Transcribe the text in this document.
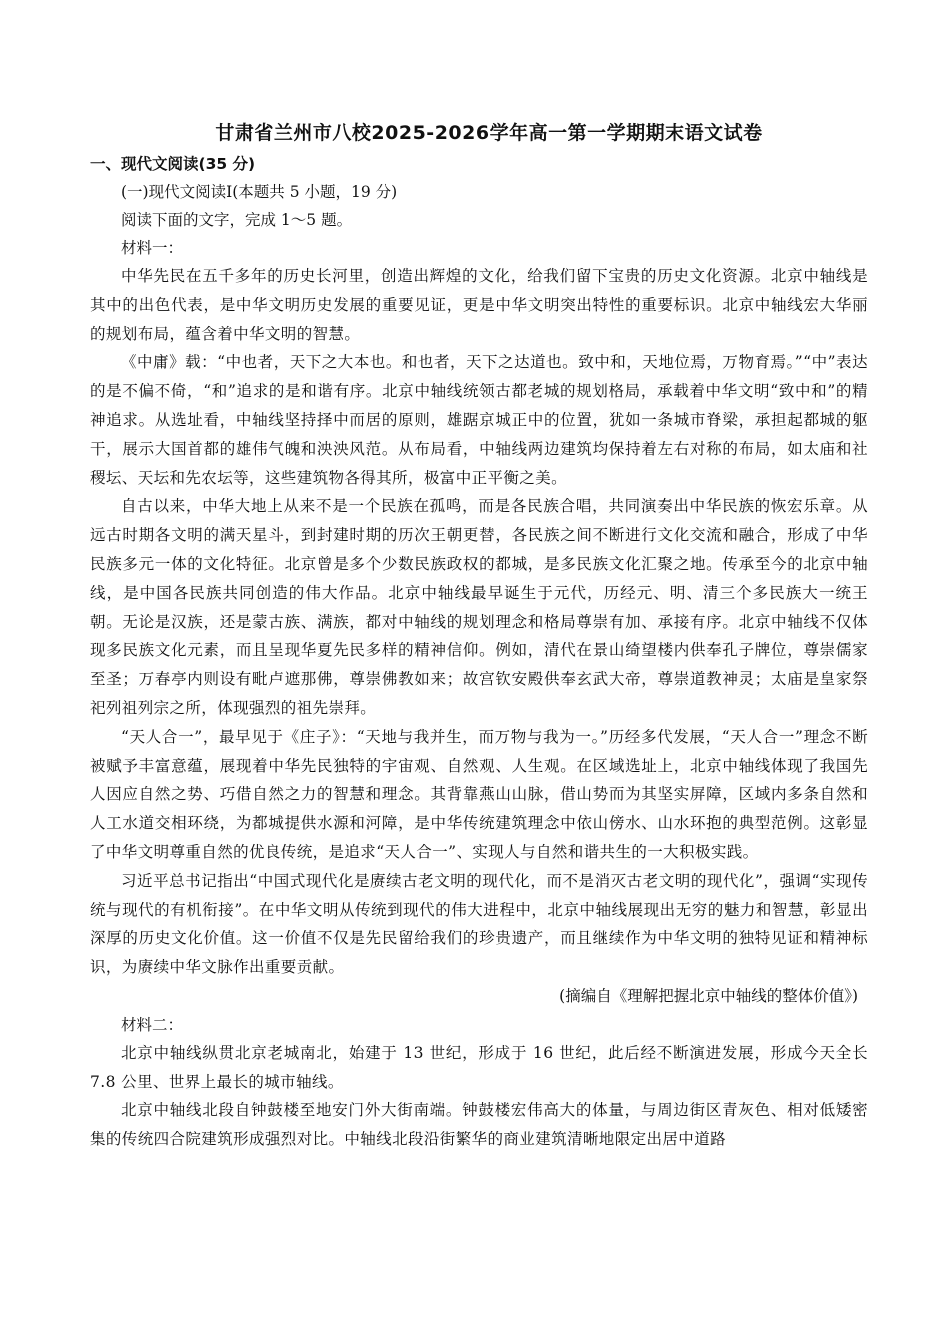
甘肃省兰州市八校2025-2026学年高一第一学期期末语文试卷

一、现代文阅读(35 分)

(一)现代文阅读Ⅰ(本题共 5 小题，19 分)

阅读下面的文字，完成 1～5 题。

材料一：

中华先民在五千多年的历史长河里，创造出辉煌的文化，给我们留下宝贵的历史文化资源。北京中轴线是其中的出色代表，是中华文明历史发展的重要见证，更是中华文明突出特性的重要标识。北京中轴线宏大华丽的规划布局，蕴含着中华文明的智慧。

《中庸》载：“中也者，天下之大本也。和也者，天下之达道也。致中和，天地位焉，万物育焉。”“中”表达的是不偏不倚，“和”追求的是和谐有序。北京中轴线统领古都老城的规划格局，承载着中华文明“致中和”的精神追求。从选址看，中轴线坚持择中而居的原则，雄踞京城正中的位置，犹如一条城市脊梁，承担起都城的躯干，展示大国首都的雄伟气魄和泱泱风范。从布局看，中轴线两边建筑均保持着左右对称的布局，如太庙和社稷坛、天坛和先农坛等，这些建筑物各得其所，极富中正平衡之美。

自古以来，中华大地上从来不是一个民族在孤鸣，而是各民族合唱，共同演奏出中华民族的恢宏乐章。从远古时期各文明的满天星斗，到封建时期的历次王朝更替，各民族之间不断进行文化交流和融合，形成了中华民族多元一体的文化特征。北京曾是多个少数民族政权的都城，是多民族文化汇聚之地。传承至今的北京中轴线，是中国各民族共同创造的伟大作品。北京中轴线最早诞生于元代，历经元、明、清三个多民族大一统王朝。无论是汉族，还是蒙古族、满族，都对中轴线的规划理念和格局尊崇有加、承接有序。北京中轴线不仅体现多民族文化元素，而且呈现华夏先民多样的精神信仰。例如，清代在景山绮望楼内供奉孔子牌位，尊崇儒家至圣；万春亭内则设有毗卢遮那佛，尊崇佛教如来；故宫钦安殿供奉玄武大帝，尊崇道教神灵；太庙是皇家祭祀列祖列宗之所，体现强烈的祖先崇拜。

“天人合一”，最早见于《庄子》：“天地与我并生，而万物与我为一。”历经多代发展，“天人合一”理念不断被赋予丰富意蕴，展现着中华先民独特的宇宙观、自然观、人生观。在区域选址上，北京中轴线体现了我国先人因应自然之势、巧借自然之力的智慧和理念。其背靠燕山山脉，借山势而为其坚实屏障，区域内多条自然和人工水道交相环绕，为都城提供水源和河障，是中华传统建筑理念中依山傍水、山水环抱的典型范例。这彰显了中华文明尊重自然的优良传统，是追求“天人合一”、实现人与自然和谐共生的一大积极实践。

习近平总书记指出“中国式现代化是赓续古老文明的现代化，而不是消灭古老文明的现代化”，强调“实现传统与现代的有机衔接”。在中华文明从传统到现代的伟大进程中，北京中轴线展现出无穷的魅力和智慧，彰显出深厚的历史文化价值。这一价值不仅是先民留给我们的珍贵遗产，而且继续作为中华文明的独特见证和精神标识，为赓续中华文脉作出重要贡献。

(摘编自《理解把握北京中轴线的整体价值》)

材料二：

北京中轴线纵贯北京老城南北，始建于 13 世纪，形成于 16 世纪，此后经不断演进发展，形成今天全长 7.8 公里、世界上最长的城市轴线。

北京中轴线北段自钟鼓楼至地安门外大街南端。钟鼓楼宏伟高大的体量，与周边街区青灰色、相对低矮密集的传统四合院建筑形成强烈对比。中轴线北段沿街繁华的商业建筑清晰地限定出居中道路
